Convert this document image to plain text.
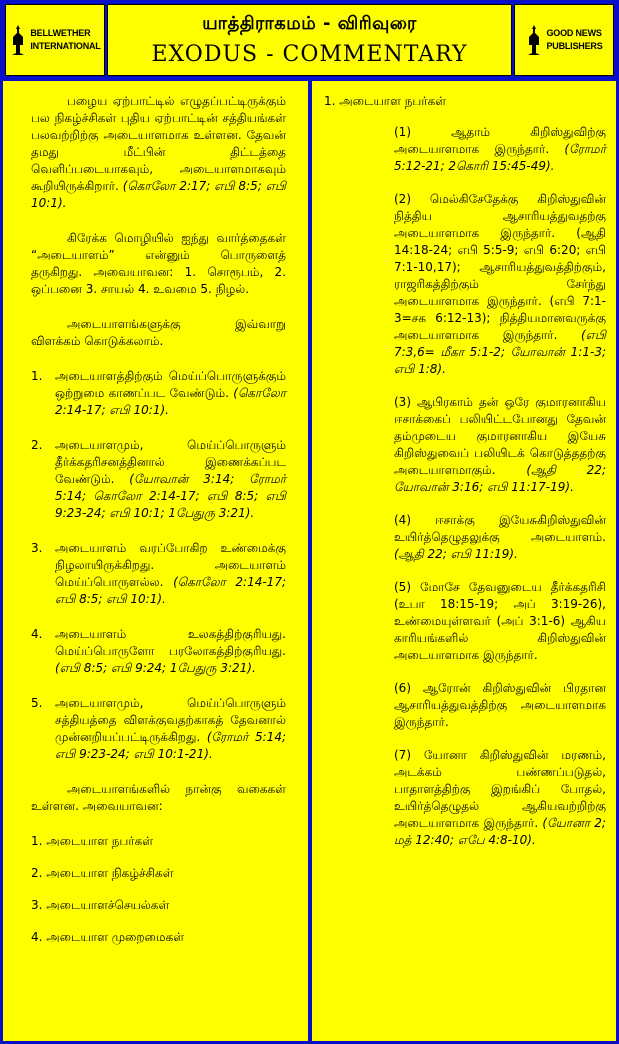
BELLWETHER
INTERNATIONAL
யாத்திராகமம் - விரிவுரை
EXODUS - COMMENTARY
GOOD NEWS
PUBLISHERS

பழைய ஏற்பாட்டில் எழுதப்பட்டிருக்கும் பல நிகழ்ச்சிகள் புதிய ஏற்பாட்டின் சத்தியங்கள் பலவற்றிற்கு அடையாளமாக உள்ளன. தேவன் தமது மீட்பின் திட்டத்தை வெளிப்படையாகவும், அடையாளமாகவும் கூறியிருக்கிறார். (கொலோ 2:17; எபி 8:5; எபி 10:1).

கிரேக்க மொழியில் ஐந்து வார்த்தைகள் “அடையாளம்” என்னும் பொருளைத் தருகிறது. அவையாவன: 1. சொரூபம், 2. ஒப்பனை 3. சாயல் 4. உவமை 5. நிழல்.

அடையாளங்களுக்கு இவ்வாறு விளக்கம் கொடுக்கலாம்.

1. அடையாளத்திற்கும் மெய்ப்பொருளுக்கும் ஒற்றுமை காணப்பட வேண்டும். (கொலோ 2:14-17; எபி 10:1).
2. அடையாளமும், மெய்ப்பொருளும் தீர்க்கதரிசனத்தினால் இணைக்கப்பட வேண்டும். (யோவான் 3:14; ரோமர் 5:14; கொலோ 2:14-17; எபி 8:5; எபி 9:23-24; எபி 10:1; 1பேதுரு 3:21).
3. அடையாளம் வரப்போகிற உண்மைக்கு நிழலாயிருக்கிறது. அடையாளம் மெய்ப்பொருளல்ல. (கொலோ 2:14-17; எபி 8:5; எபி 10:1).
4. அடையாளம் உலகத்திற்குரியது. மெய்ப்பொருளோ பரலோகத்திற்குரியது. (எபி 8:5; எபி 9:24; 1பேதுரு 3:21).
5. அடையாளமும், மெய்ப்பொருளும் சத்தியத்தை விளக்குவதற்காகத் தேவனால் முன்னறியப்பட்டிருக்கிறது. (ரோமர் 5:14; எபி 9:23-24; எபி 10:1-21).

அடையாளங்களில் நான்கு வகைகள் உள்ளன. அவையாவன:

1. அடையாள நபர்கள்
2. அடையாள நிகழ்ச்சிகள்
3. அடையாளச்செயல்கள்
4. அடையாள முறைமைகள்

1. அடையாள நபர்கள்

(1) ஆதாம் கிறிஸ்துவிற்கு அடையாளமாக இருந்தார். (ரோமர் 5:12-21; 2கொரி 15:45-49).

(2) மெல்கிசேதேக்கு கிறிஸ்துவின் நித்திய ஆசாரியத்துவதற்கு அடையாளமாக இருந்தார். (ஆதி 14:18-24; எபி 5:5-9; எபி 6:20; எபி 7:1-10,17); ஆசாரியத்துவத்திற்கும், ராஜரிகத்திற்கும் சேர்ந்து அடையாளமாக இருந்தார். (எபி 7:1-3=சக 6:12-13); நித்தியமானவருக்கு அடையாளமாக இருந்தார். (எபி 7:3,6= மீகா 5:1-2; யோவான் 1:1-3; எபி 1:8).

(3) ஆபிரகாம் தன் ஒரே குமாரனாகிய ஈசாக்கைப் பலியிட்டபோனது தேவன் தம்முடைய குமாரனாகிய இயேசு கிறிஸ்துவைப் பலியிடக் கொடுத்ததற்கு அடையாளமாகும்.	(ஆதி 22; யோவான் 3:16; எபி 11:17-19).

(4) ஈசாக்கு இயேசுகிறிஸ்துவின் உயிர்த்தெழுதலுக்கு அடையாளம். (ஆதி 22; எபி 11:19).

(5) மோசே தேவனுடைய தீர்க்கதரிசி (உபா 18:15-19; அப் 3:19-26), உண்மையுள்ளவர் (அப் 3:1-6) ஆகிய காரியங்களில் கிறிஸ்துவின் அடையாளமாக இருந்தார்.

(6) ஆரோன் கிறிஸ்துவின் பிரதான ஆசாரியத்துவத்திற்கு அடையாளமாக இருந்தார்.

(7) யோனா கிறிஸ்துவின் மரணம், அடக்கம் பண்ணப்படுதல், பாதாளத்திற்கு இறங்கிப் போதல், உயிர்த்தெழுதல் ஆகியவற்றிற்கு அடையாளமாக இருந்தார். (யோனா 2; மத் 12:40; எபே 4:8-10).
